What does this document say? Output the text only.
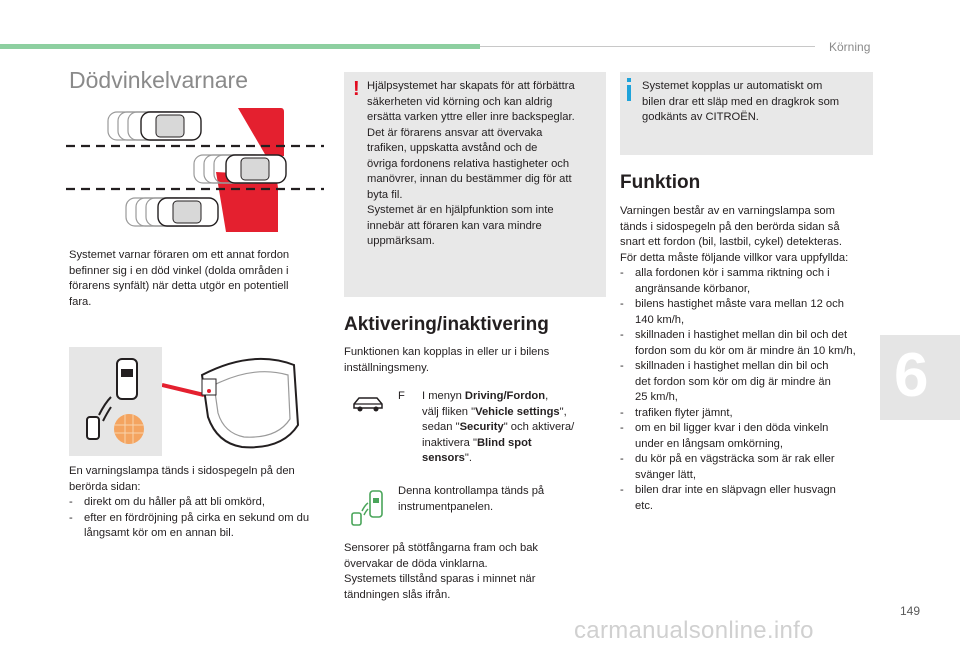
Körning
6
Dödvinkelvarnare
Systemet varnar föraren om ett annat fordon
befinner sig i en död vinkel (dolda områden i
förarens synfält) när detta utgör en potentiell
fara.
En varningslampa tänds i sidospegeln på den
berörda sidan:
- direkt om du håller på att bli omkörd,
- efter en fördröjning på cirka en sekund om du långsamt kör om en annan bil.
! Hjälpsystemet har skapats för att förbättra
säkerheten vid körning och kan aldrig
ersätta varken yttre eller inre backspeglar.
Det är förarens ansvar att övervaka
trafiken, uppskatta avstånd och de
övriga fordonens relativa hastigheter och
manövrer, innan du bestämmer dig för att
byta fil.
Systemet är en hjälpfunktion som inte
innebär att föraren kan vara mindre
uppmärksam.
Aktivering/inaktivering
Funktionen kan kopplas in eller ur i bilens
inställningsmeny.
F I menyn Driving/Fordon,
välj fliken "Vehicle settings",
sedan "Security" och aktivera/
inaktivera "Blind spot
sensors".
Denna kontrollampa tänds på
instrumentpanelen.
Sensorer på stötfångarna fram och bak
övervakar de döda vinklarna.
Systemets tillstånd sparas i minnet när
tändningen slås ifrån.
Systemet kopplas ur automatiskt om
bilen drar ett släp med en dragkrok som
godkänts av CITROËN.
Funktion
Varningen består av en varningslampa som
tänds i sidospegeln på den berörda sidan så
snart ett fordon (bil, lastbil, cykel) detekteras.
För detta måste följande villkor vara uppfyllda:
- alla fordonen kör i samma riktning och i
angränsande körbanor,
- bilens hastighet måste vara mellan 12 och
140 km/h,
- skillnaden i hastighet mellan din bil och det
fordon som du kör om är mindre än 10 km/h,
- skillnaden i hastighet mellan din bil och
det fordon som kör om dig är mindre än
25 km/h,
- trafiken flyter jämnt,
- om en bil ligger kvar i den döda vinkeln
under en långsam omkörning,
- du kör på en vägsträcka som är rak eller
svänger lätt,
- bilen drar inte en släpvagn eller husvagn
etc.
149
carmanualsonline.info
